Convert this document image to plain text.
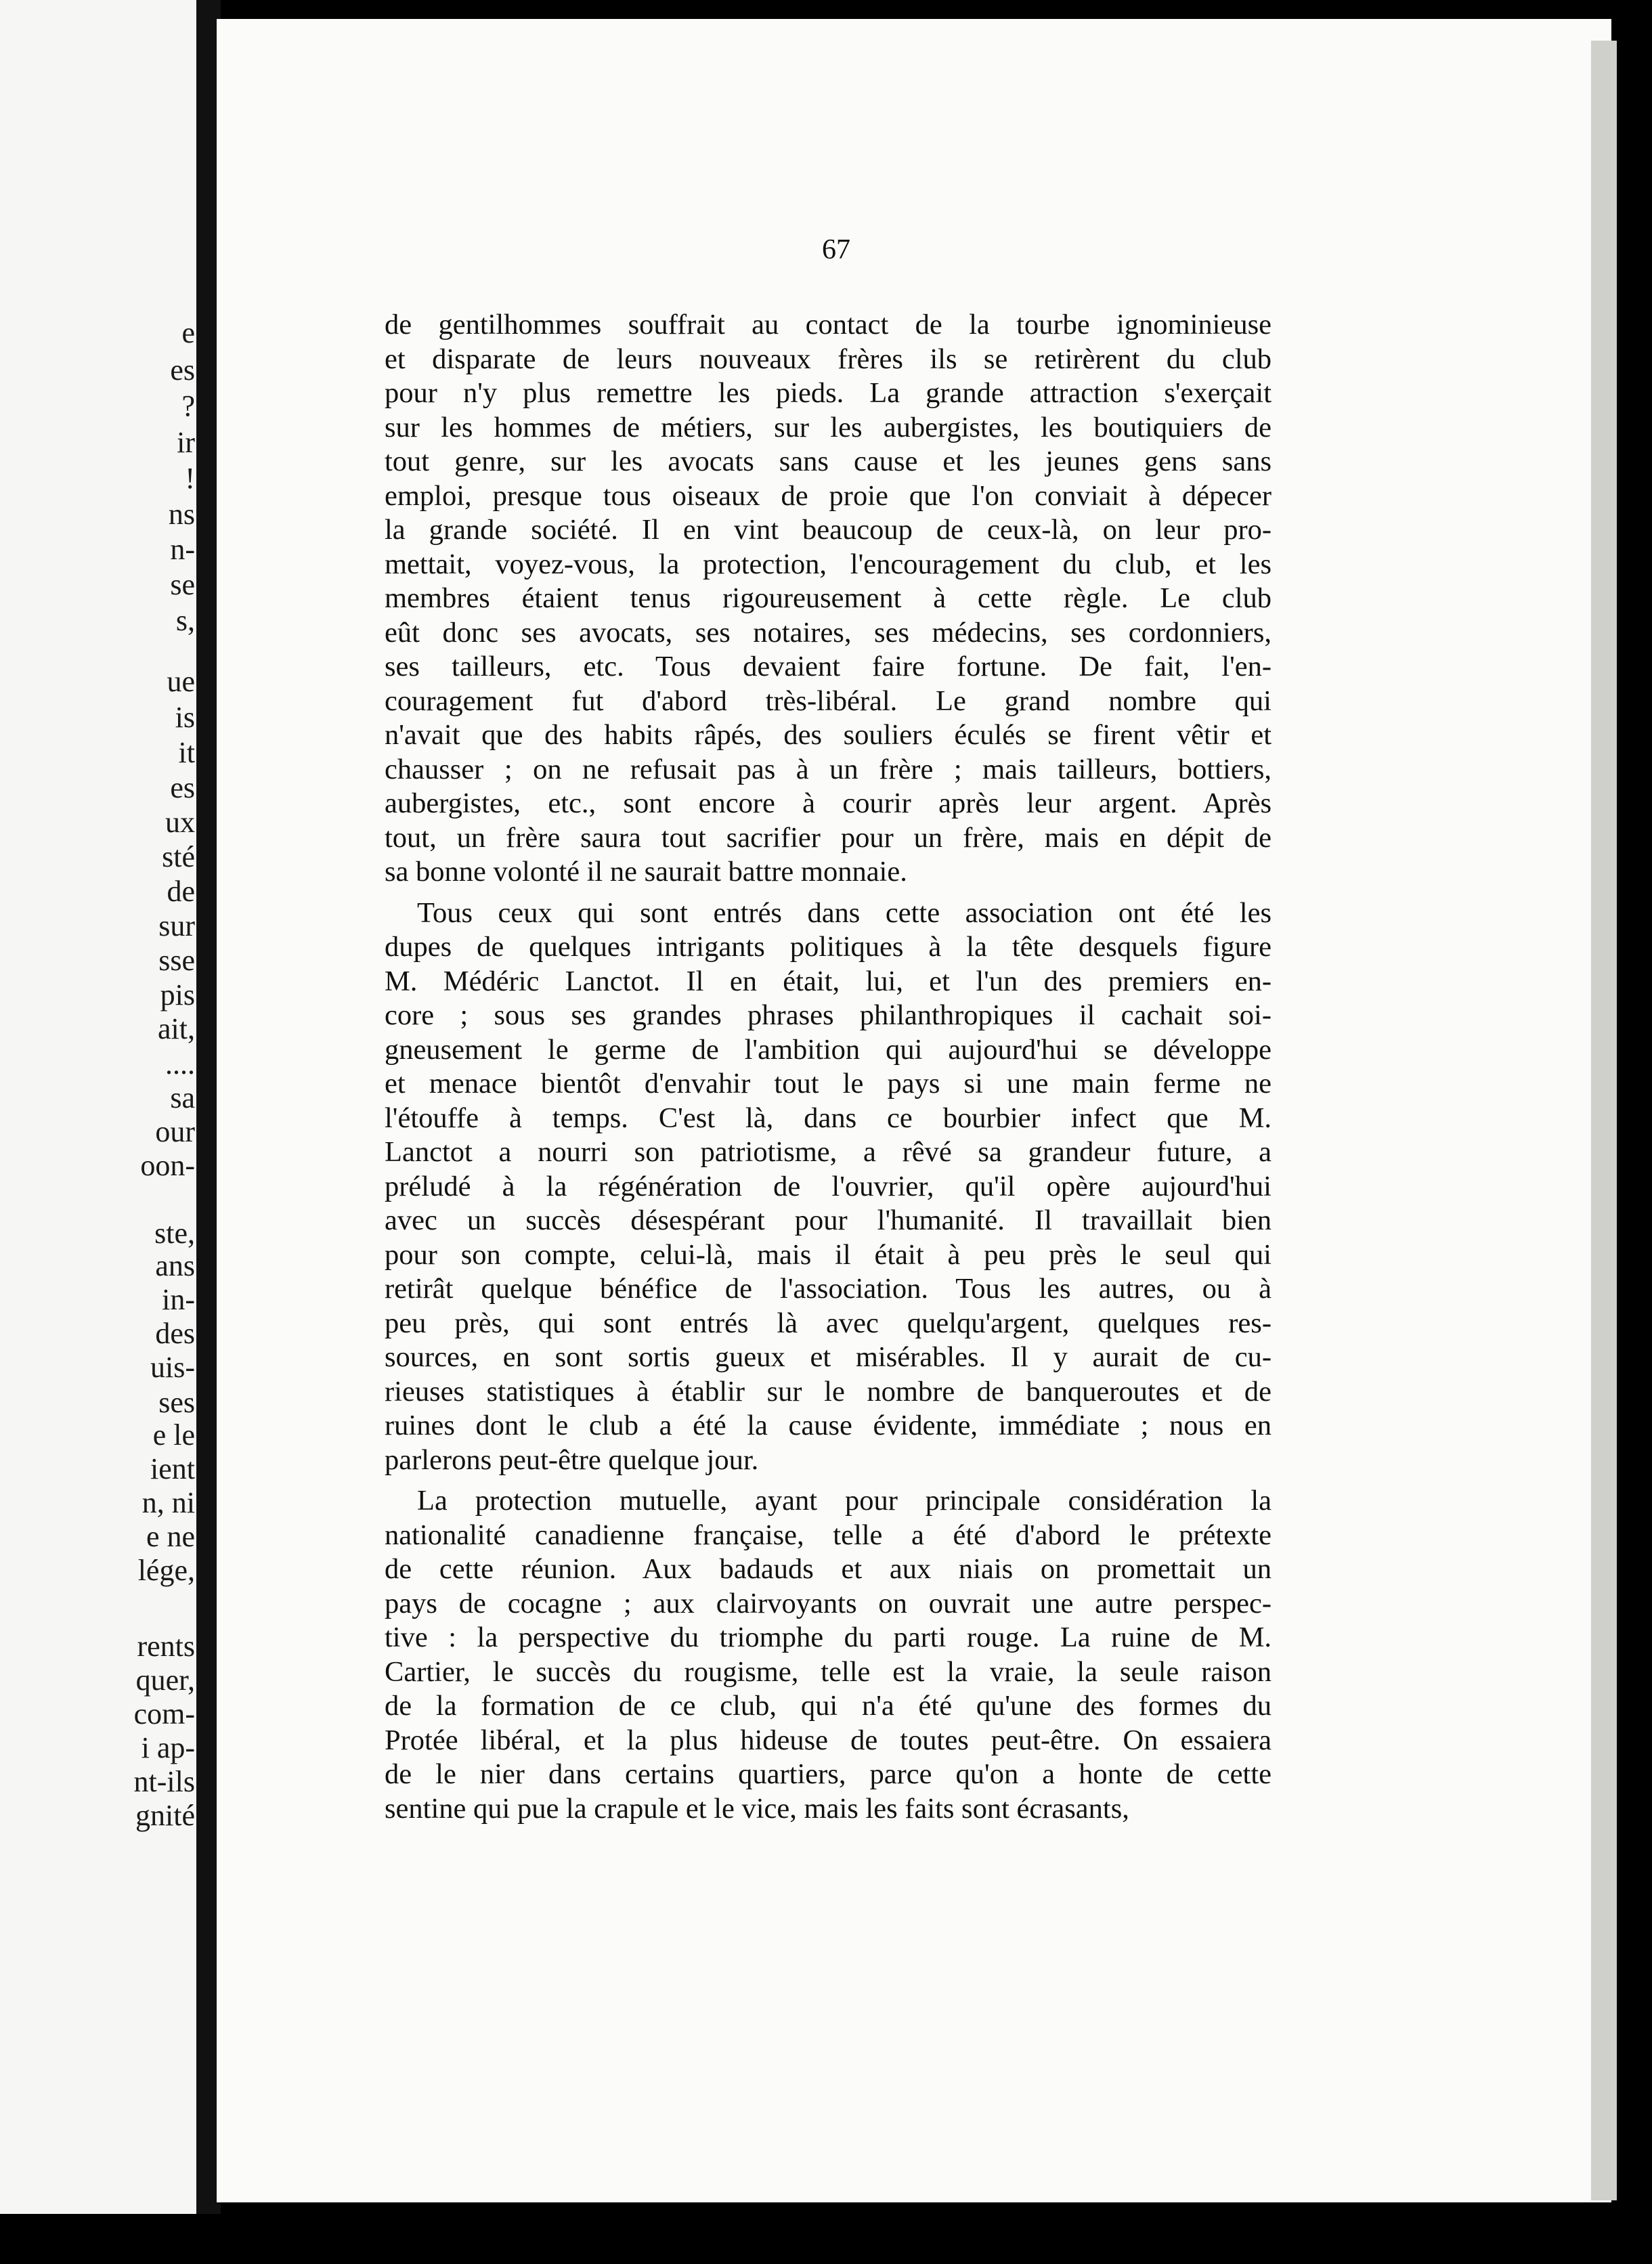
e
es
?
ir
!
ns
n-
se
s,
ue
is
it
es
ux
sté
de
sur
sse
pis
ait,
....
sa
our
oon-
ste,
ans
in-
des
uis-
ses
e le
ient
n, ni
e ne
lége,
rents
quer,
com-
i ap-
nt-ils
gnité
67
de gentilhommes souffrait au contact de la tourbe ignominieuse
et disparate de leurs nouveaux frères ils se retirèrent du club
pour n'y plus remettre les pieds. La grande attraction s'exerçait
sur les hommes de métiers, sur les aubergistes, les boutiquiers de
tout genre, sur les avocats sans cause et les jeunes gens sans
emploi, presque tous oiseaux de proie que l'on conviait à dépecer
la grande société. Il en vint beaucoup de ceux-là, on leur pro-
mettait, voyez-vous, la protection, l'encouragement du club, et les
membres étaient tenus rigoureusement à cette règle. Le club
eût donc ses avocats, ses notaires, ses médecins, ses cordonniers,
ses tailleurs, etc. Tous devaient faire fortune. De fait, l'en-
couragement fut d'abord très-libéral. Le grand nombre qui
n'avait que des habits râpés, des souliers éculés se firent vêtir et
chausser ; on ne refusait pas à un frère ; mais tailleurs, bottiers,
aubergistes, etc., sont encore à courir après leur argent. Après
tout, un frère saura tout sacrifier pour un frère, mais en dépit de
sa bonne volonté il ne saurait battre monnaie.
Tous ceux qui sont entrés dans cette association ont été les
dupes de quelques intrigants politiques à la tête desquels figure
M. Médéric Lanctot. Il en était, lui, et l'un des premiers en-
core ; sous ses grandes phrases philanthropiques il cachait soi-
gneusement le germe de l'ambition qui aujourd'hui se développe
et menace bientôt d'envahir tout le pays si une main ferme ne
l'étouffe à temps. C'est là, dans ce bourbier infect que M.
Lanctot a nourri son patriotisme, a rêvé sa grandeur future, a
préludé à la régénération de l'ouvrier, qu'il opère aujourd'hui
avec un succès désespérant pour l'humanité. Il travaillait bien
pour son compte, celui-là, mais il était à peu près le seul qui
retirât quelque bénéfice de l'association. Tous les autres, ou à
peu près, qui sont entrés là avec quelqu'argent, quelques res-
sources, en sont sortis gueux et misérables. Il y aurait de cu-
rieuses statistiques à établir sur le nombre de banqueroutes et de
ruines dont le club a été la cause évidente, immédiate ; nous en
parlerons peut-être quelque jour.
La protection mutuelle, ayant pour principale considération la
nationalité canadienne française, telle a été d'abord le prétexte
de cette réunion. Aux badauds et aux niais on promettait un
pays de cocagne ; aux clairvoyants on ouvrait une autre perspec-
tive : la perspective du triomphe du parti rouge. La ruine de M.
Cartier, le succès du rougisme, telle est la vraie, la seule raison
de la formation de ce club, qui n'a été qu'une des formes du
Protée libéral, et la plus hideuse de toutes peut-être. On essaiera
de le nier dans certains quartiers, parce qu'on a honte de cette
sentine qui pue la crapule et le vice, mais les faits sont écrasants,
